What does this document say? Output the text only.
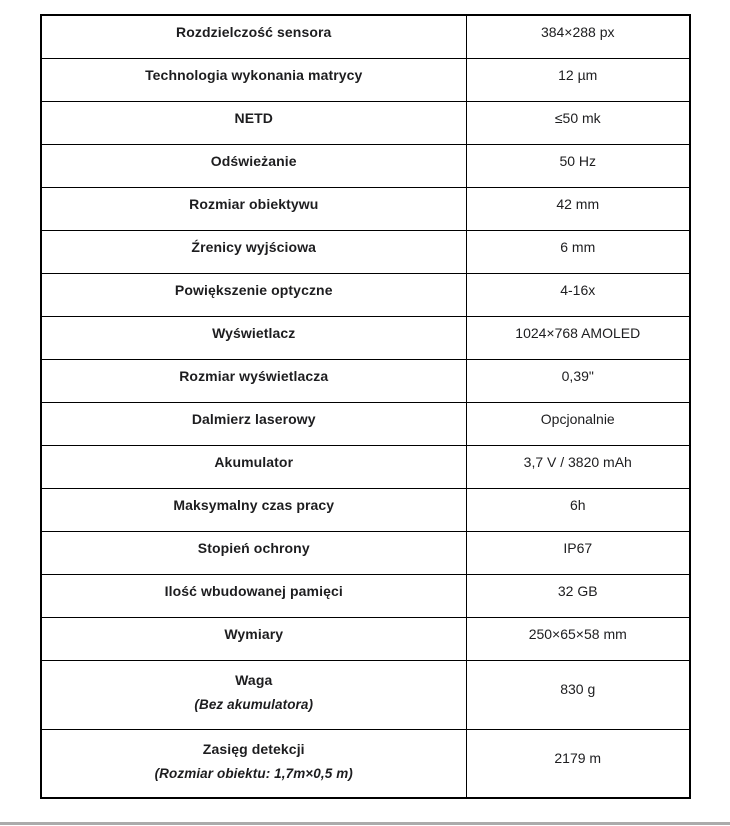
Rozdzielczość sensora	384×288 px
Technologia wykonania matrycy	12 µm
NETD	≤50 mk
Odświeżanie	50 Hz
Rozmiar obiektywu	42 mm
Źrenicy wyjściowa	6 mm
Powiększenie optyczne	4-16x
Wyświetlacz	1024×768 AMOLED
Rozmiar wyświetlacza	0,39"
Dalmierz laserowy	Opcjonalnie
Akumulator	3,7 V / 3820 mAh
Maksymalny czas pracy	6h
Stopień ochrony	IP67
Ilość wbudowanej pamięci	32 GB
Wymiary	250×65×58 mm

Waga
(Bez akumulatora)	830 g

Zasięg detekcji
(Rozmiar obiektu: 1,7m×0,5 m)	2179 m
